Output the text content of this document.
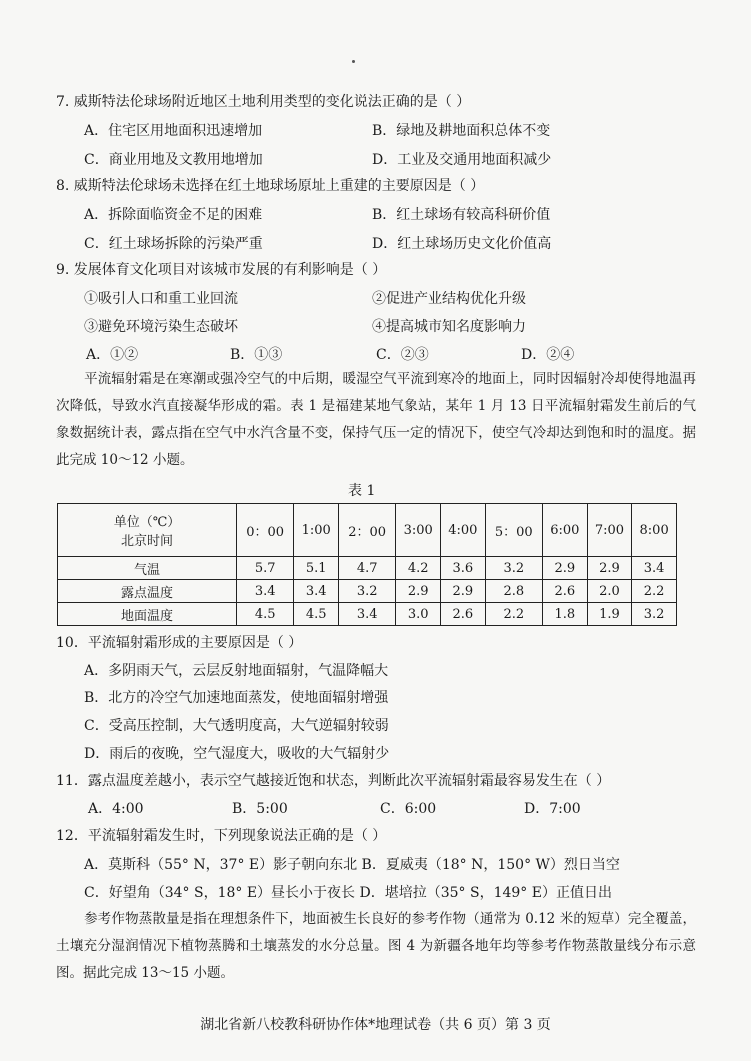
7. 威斯特法伦球场附近地区土地利用类型的变化说法正确的是（ ）
A．住宅区用地面积迅速增加	B．绿地及耕地面积总体不变
C．商业用地及文教用地增加	D．工业及交通用地面积减少
8. 威斯特法伦球场未选择在红土地球场原址上重建的主要原因是（ ）
A．拆除面临资金不足的困难	B．红土球场有较高科研价值
C．红土球场拆除的污染严重	D．红土球场历史文化价值高
9. 发展体育文化项目对该城市发展的有利影响是（ ）
①吸引人口和重工业回流	②促进产业结构优化升级
③避免环境污染生态破坏	④提高城市知名度影响力
A．①②	B．①③	C．②③	D．②④
平流辐射霜是在寒潮或强冷空气的中后期，暖湿空气平流到寒冷的地面上，同时因辐射冷却使得地温再次降低，导致水汽直接凝华形成的霜。表 1 是福建某地气象站，某年 1 月 13 日平流辐射霜发生前后的气象数据统计表，露点指在空气中水汽含量不变，保持气压一定的情况下，使空气冷却达到饱和时的温度。据此完成 10～12 小题。
表 1
单位（℃）
北京时间	0：00	1:00	2：00	3:00	4:00	5：00	6:00	7:00	8:00
气温	5.7	5.1	4.7	4.2	3.6	3.2	2.9	2.9	3.4
露点温度	3.4	3.4	3.2	2.9	2.9	2.8	2.6	2.0	2.2
地面温度	4.5	4.5	3.4	3.0	2.6	2.2	1.8	1.9	3.2
10．平流辐射霜形成的主要原因是（ ）
A．多阴雨天气，云层反射地面辐射，气温降幅大
B．北方的冷空气加速地面蒸发，使地面辐射增强
C．受高压控制，大气透明度高，大气逆辐射较弱
D．雨后的夜晚，空气湿度大，吸收的大气辐射少
11．露点温度差越小，表示空气越接近饱和状态，判断此次平流辐射霜最容易发生在（ ）
A．4:00	B．5:00	C．6:00	D．7:00
12．平流辐射霜发生时，下列现象说法正确的是（ ）
A．莫斯科（55° N，37° E）影子朝向东北 B．夏威夷（18° N，150° W）烈日当空
C．好望角（34° S，18° E）昼长小于夜长 D．堪培拉（35° S，149° E）正值日出
参考作物蒸散量是指在理想条件下，地面被生长良好的参考作物（通常为 0.12 米的短草）完全覆盖，土壤充分湿润情况下植物蒸腾和土壤蒸发的水分总量。图 4 为新疆各地年均等参考作物蒸散量线分布示意图。据此完成 13～15 小题。
湖北省新八校教科研协作体*地理试卷（共 6 页）第 3 页
